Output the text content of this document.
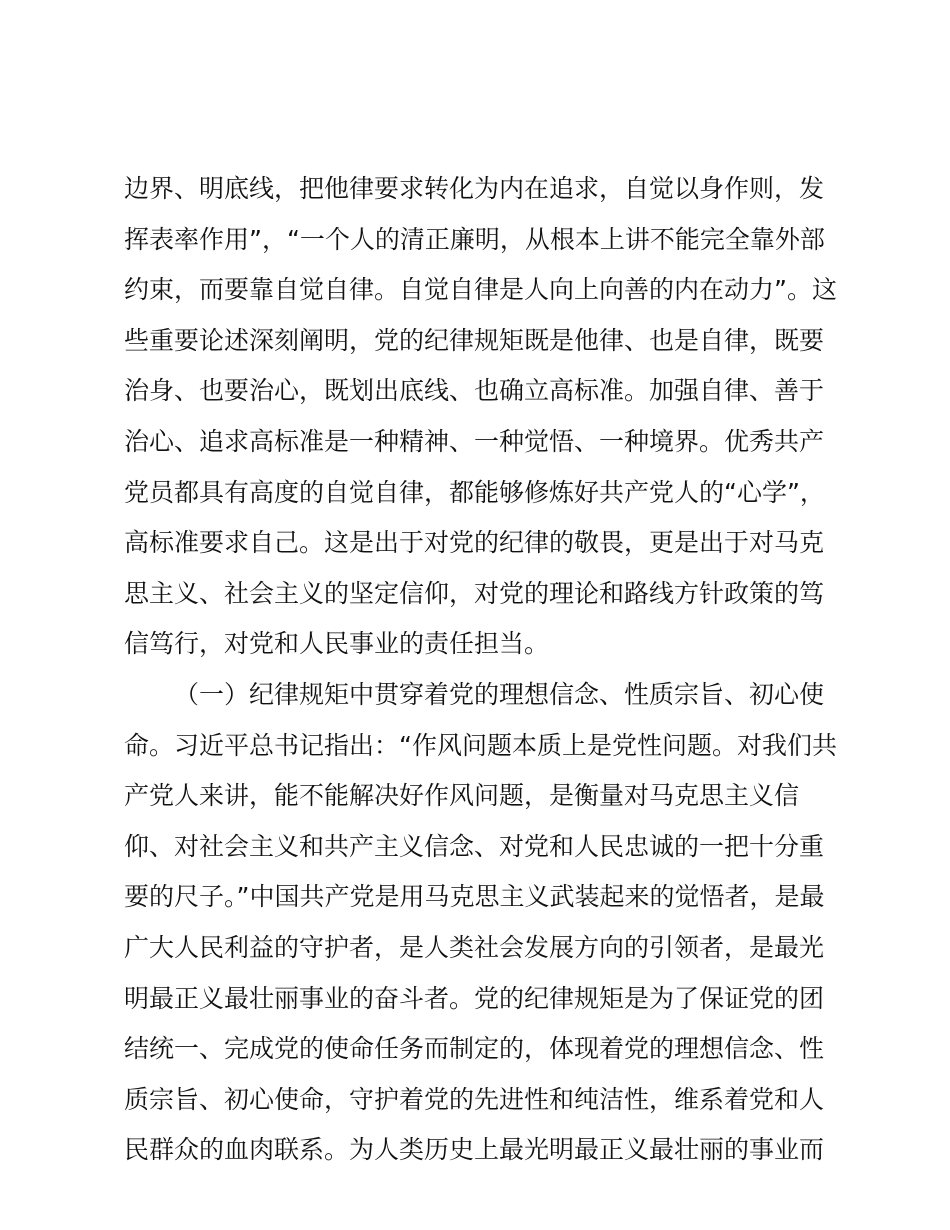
边界、明底线，把他律要求转化为内在追求，自觉以身作则，发
挥表率作用”，“一个人的清正廉明，从根本上讲不能完全靠外部
约束，而要靠自觉自律。自觉自律是人向上向善的内在动力”。这
些重要论述深刻阐明，党的纪律规矩既是他律、也是自律，既要
治身、也要治心，既划出底线、也确立高标准。加强自律、善于
治心、追求高标准是一种精神、一种觉悟、一种境界。优秀共产
党员都具有高度的自觉自律，都能够修炼好共产党人的“心学”，
高标准要求自己。这是出于对党的纪律的敬畏，更是出于对马克
思主义、社会主义的坚定信仰，对党的理论和路线方针政策的笃
信笃行，对党和人民事业的责任担当。
（一）纪律规矩中贯穿着党的理想信念、性质宗旨、初心使
命。习近平总书记指出：“作风问题本质上是党性问题。对我们共
产党人来讲，能不能解决好作风问题，是衡量对马克思主义信
仰、对社会主义和共产主义信念、对党和人民忠诚的一把十分重
要的尺子。”中国共产党是用马克思主义武装起来的觉悟者，是最
广大人民利益的守护者，是人类社会发展方向的引领者，是最光
明最正义最壮丽事业的奋斗者。党的纪律规矩是为了保证党的团
结统一、完成党的使命任务而制定的，体现着党的理想信念、性
质宗旨、初心使命，守护着党的先进性和纯洁性，维系着党和人
民群众的血肉联系。为人类历史上最光明最正义最壮丽的事业而
